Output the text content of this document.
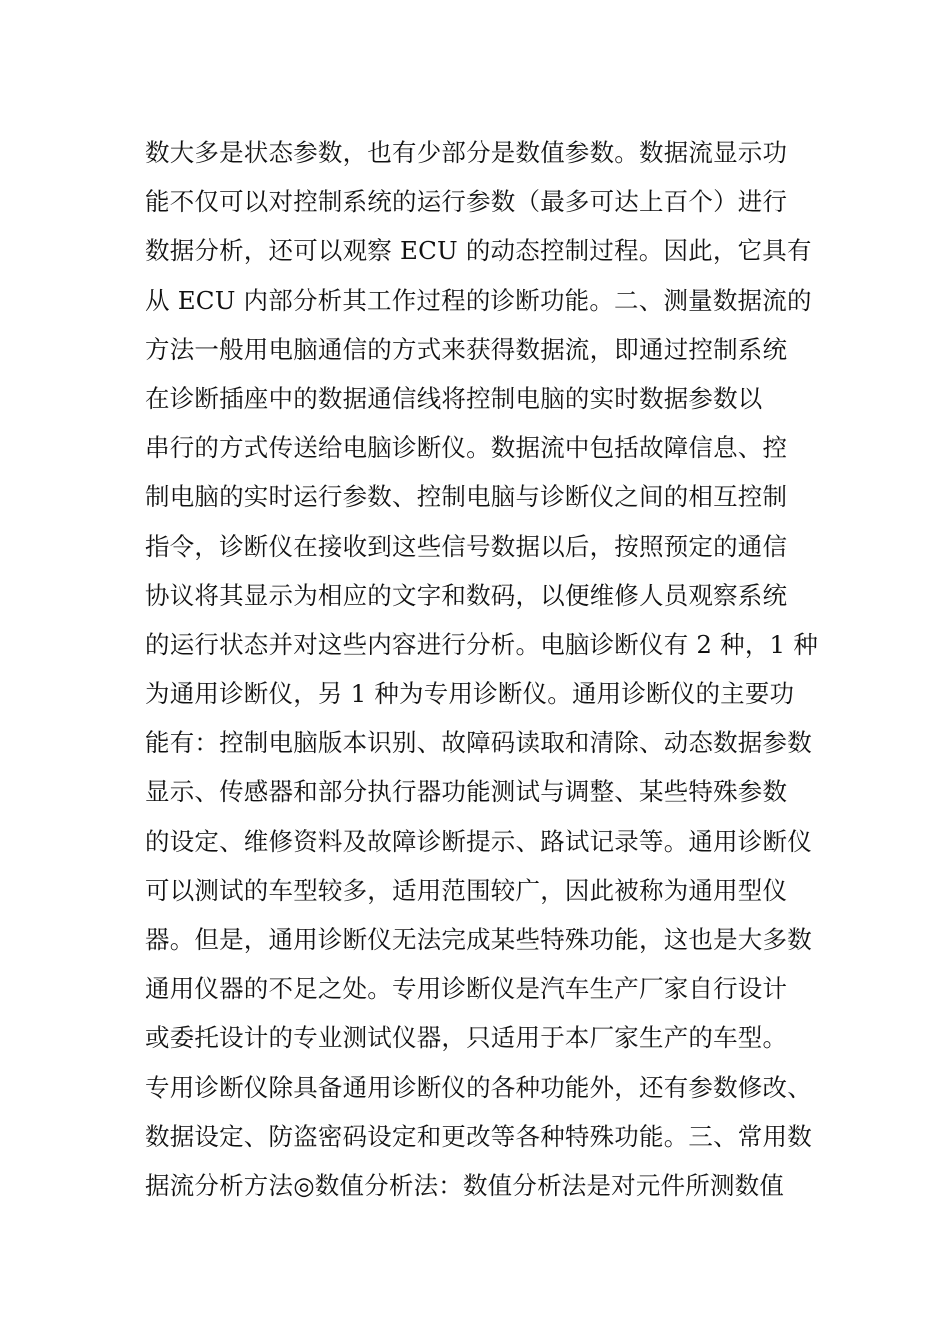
数大多是状态参数，也有少部分是数值参数。数据流显示功
能不仅可以对控制系统的运行参数（最多可达上百个）进行
数据分析，还可以观察 ECU 的动态控制过程。因此，它具有
从 ECU 内部分析其工作过程的诊断功能。二、测量数据流的
方法一般用电脑通信的方式来获得数据流，即通过控制系统
在诊断插座中的数据通信线将控制电脑的实时数据参数以
串行的方式传送给电脑诊断仪。数据流中包括故障信息、控
制电脑的实时运行参数、控制电脑与诊断仪之间的相互控制
指令，诊断仪在接收到这些信号数据以后，按照预定的通信
协议将其显示为相应的文字和数码，以便维修人员观察系统
的运行状态并对这些内容进行分析。电脑诊断仪有 2 种，1 种
为通用诊断仪，另 1 种为专用诊断仪。通用诊断仪的主要功
能有：控制电脑版本识别、故障码读取和清除、动态数据参数
显示、传感器和部分执行器功能测试与调整、某些特殊参数
的设定、维修资料及故障诊断提示、路试记录等。通用诊断仪
可以测试的车型较多，适用范围较广，因此被称为通用型仪
器。但是，通用诊断仪无法完成某些特殊功能，这也是大多数
通用仪器的不足之处。专用诊断仪是汽车生产厂家自行设计
或委托设计的专业测试仪器，只适用于本厂家生产的车型。
专用诊断仪除具备通用诊断仪的各种功能外，还有参数修改、
数据设定、防盗密码设定和更改等各种特殊功能。三、常用数
据流分析方法◎数值分析法：数值分析法是对元件所测数值
